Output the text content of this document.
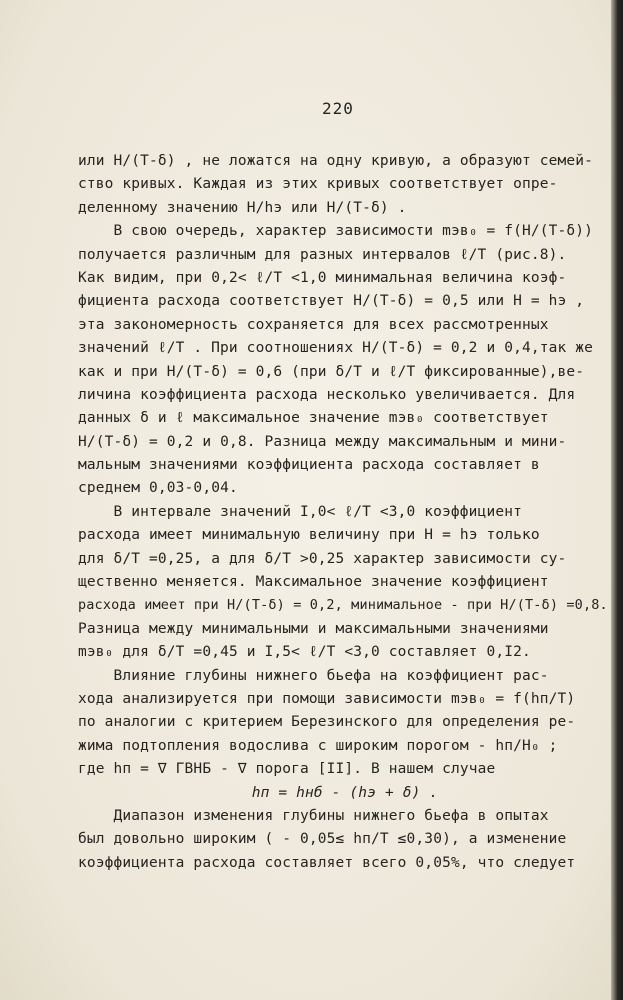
220
или H/(T-δ) , не ложатся на одну кривую, а образуют семей-
ство кривых. Каждая из этих кривых соответствует опре-
деленному значению H/hэ или H/(T-δ) .
В свою очередь, характер зависимости mэв₀ = f(H/(T-δ))
получается различным для разных интервалов ℓ/T (рис.8).
Как видим, при 0,2< ℓ/T <1,0 минимальная величина коэф-
фициента расхода соответствует H/(T-δ) = 0,5 или H = hэ ,
эта закономерность сохраняется для всех рассмотренных
значений ℓ/T . При соотношениях H/(T-δ) = 0,2 и 0,4,так же
как и при H/(T-δ) = 0,6 (при δ/T и ℓ/T фиксированные),ве-
личина коэффициента расхода несколько увеличивается. Для
данных δ и ℓ максимальное значение mэв₀ соответствует
H/(T-δ) = 0,2 и 0,8. Разница между максимальным и мини-
мальным значениями коэффициента расхода составляет в
среднем 0,03-0,04.
В интервале значений I,0< ℓ/T <3,0 коэффициент
расхода имеет минимальную величину при H = hэ только
для δ/T =0,25, а для δ/T >0,25 характер зависимости су-
щественно меняется. Максимальное значение коэффициент
расхода имеет при H/(T-δ) = 0,2, минимальное - при H/(T-δ) =0,8.
Разница между минимальными и максимальными значениями
mэв₀ для δ/T =0,45 и I,5< ℓ/T <3,0 составляет 0,I2.
Влияние глубины нижнего бьефа на коэффициент рас-
хода анализируется при помощи зависимости mэв₀ = f(hп/T)
по аналогии с критерием Березинского для определения ре-
жима подтопления водослива с широким порогом - hп/H₀ ;
где hп = ∇ ГВНБ - ∇ порога [II]. В нашем случае
hп = hнб - (hэ + δ) .
Диапазон изменения глубины нижнего бьефа в опытах
был довольно широким ( - 0,05≤ hп/T ≤0,30), а изменение
коэффициента расхода составляет всего 0,05%, что следует
